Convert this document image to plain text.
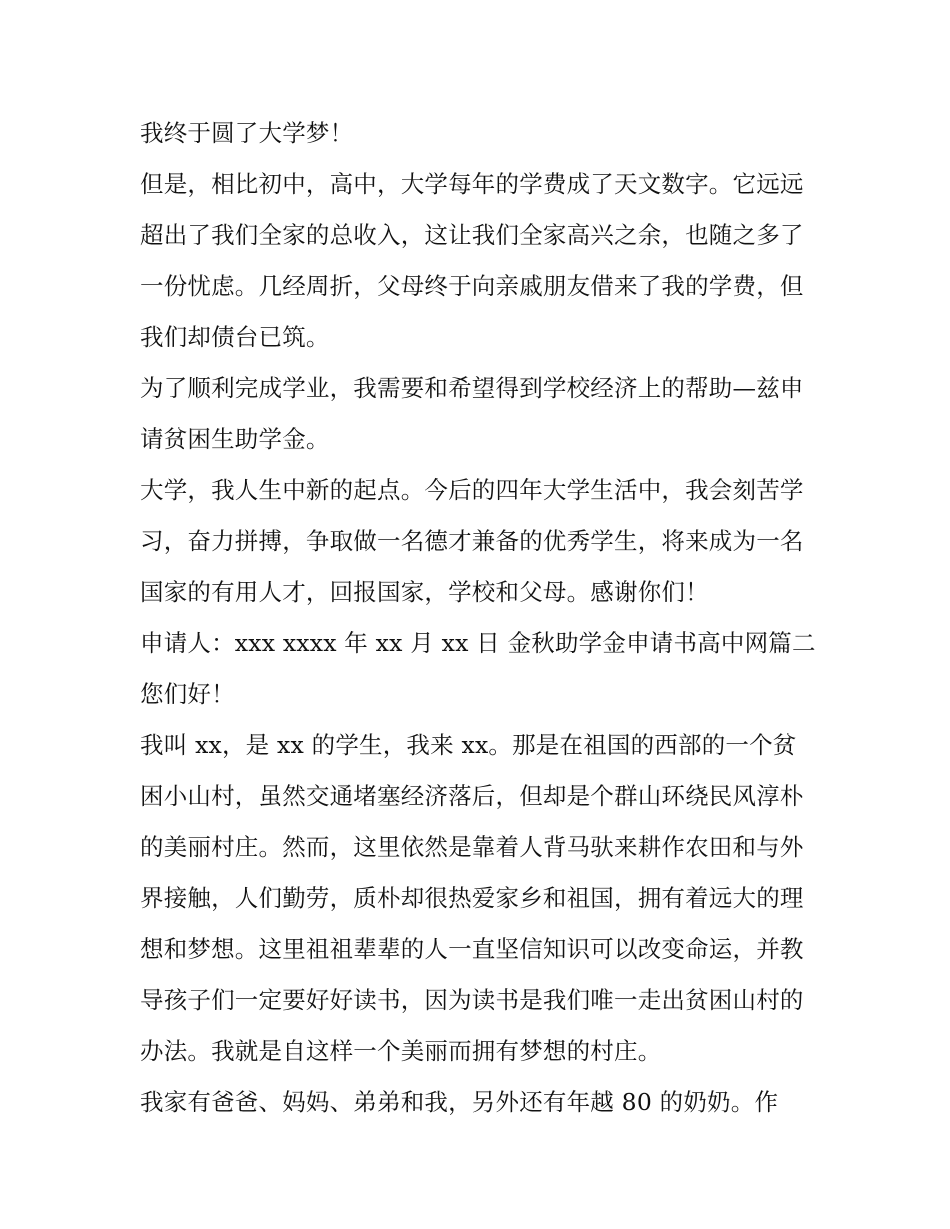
我终于圆了大学梦！

但是，相比初中，高中，大学每年的学费成了天文数字。它远远超出了我们全家的总收入，这让我们全家高兴之余，也随之多了一份忧虑。几经周折，父母终于向亲戚朋友借来了我的学费，但我们却债台已筑。

为了顺利完成学业，我需要和希望得到学校经济上的帮助—兹申请贫困生助学金。

大学，我人生中新的起点。今后的四年大学生活中，我会刻苦学习，奋力拼搏，争取做一名德才兼备的优秀学生，将来成为一名国家的有用人才，回报国家，学校和父母。感谢你们！

申请人：xxx xxxx 年 xx 月 xx 日 金秋助学金申请书高中网篇二

您们好！

我叫 xx，是 xx 的学生，我来 xx。那是在祖国的西部的一个贫困小山村，虽然交通堵塞经济落后，但却是个群山环绕民风淳朴的美丽村庄。然而，这里依然是靠着人背马驮来耕作农田和与外界接触，人们勤劳，质朴却很热爱家乡和祖国，拥有着远大的理想和梦想。这里祖祖辈辈的人一直坚信知识可以改变命运，并教导孩子们一定要好好读书，因为读书是我们唯一走出贫困山村的办法。我就是自这样一个美丽而拥有梦想的村庄。

我家有爸爸、妈妈、弟弟和我，另外还有年越 80 的奶奶。作
